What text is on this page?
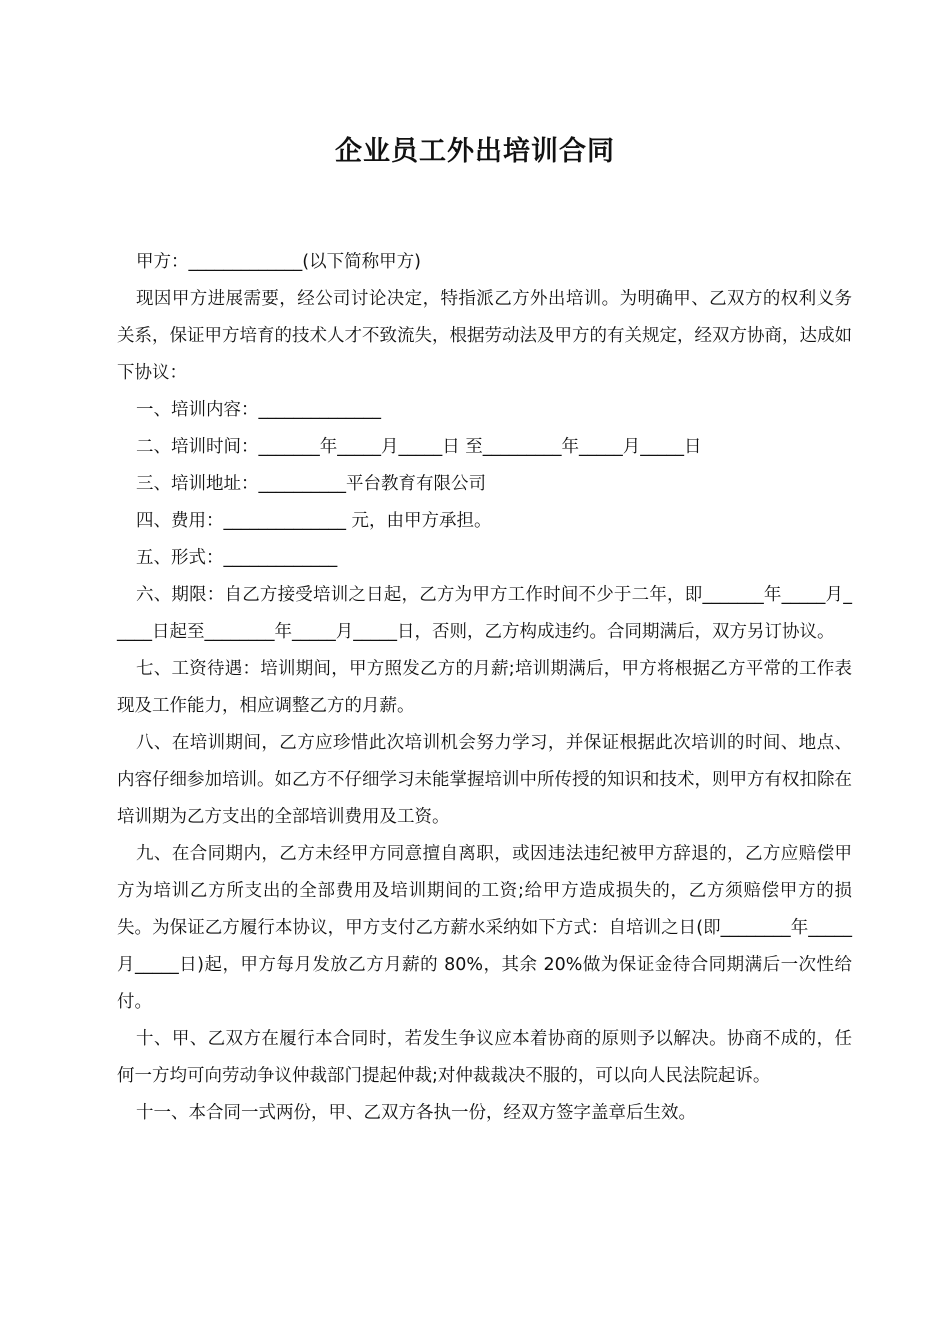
企业员工外出培训合同

甲方：_____________(以下简称甲方)

现因甲方进展需要，经公司讨论决定，特指派乙方外出培训。为明确甲、乙双方的权利义务关系，保证甲方培育的技术人才不致流失，根据劳动法及甲方的有关规定，经双方协商，达成如下协议：

一、培训内容：______________

二、培训时间：_______年_____月_____日 至_________年_____月_____日

三、培训地址：__________平台教育有限公司

四、费用：______________ 元，由甲方承担。

五、形式：_____________

六、期限：自乙方接受培训之日起，乙方为甲方工作时间不少于二年，即_______年_____月_____日起至________年_____月_____日，否则，乙方构成违约。合同期满后，双方另订协议。

七、工资待遇：培训期间，甲方照发乙方的月薪;培训期满后，甲方将根据乙方平常的工作表现及工作能力，相应调整乙方的月薪。

八、在培训期间，乙方应珍惜此次培训机会努力学习，并保证根据此次培训的时间、地点、内容仔细参加培训。如乙方不仔细学习未能掌握培训中所传授的知识和技术，则甲方有权扣除在培训期为乙方支出的全部培训费用及工资。

九、在合同期内，乙方未经甲方同意擅自离职，或因违法违纪被甲方辞退的，乙方应赔偿甲方为培训乙方所支出的全部费用及培训期间的工资;给甲方造成损失的，乙方须赔偿甲方的损失。为保证乙方履行本协议，甲方支付乙方薪水采纳如下方式：自培训之日(即________年_____月_____日)起，甲方每月发放乙方月薪的 80%，其余 20%做为保证金待合同期满后一次性给付。

十、甲、乙双方在履行本合同时，若发生争议应本着协商的原则予以解决。协商不成的，任何一方均可向劳动争议仲裁部门提起仲裁;对仲裁裁决不服的，可以向人民法院起诉。

十一、本合同一式两份，甲、乙双方各执一份，经双方签字盖章后生效。
